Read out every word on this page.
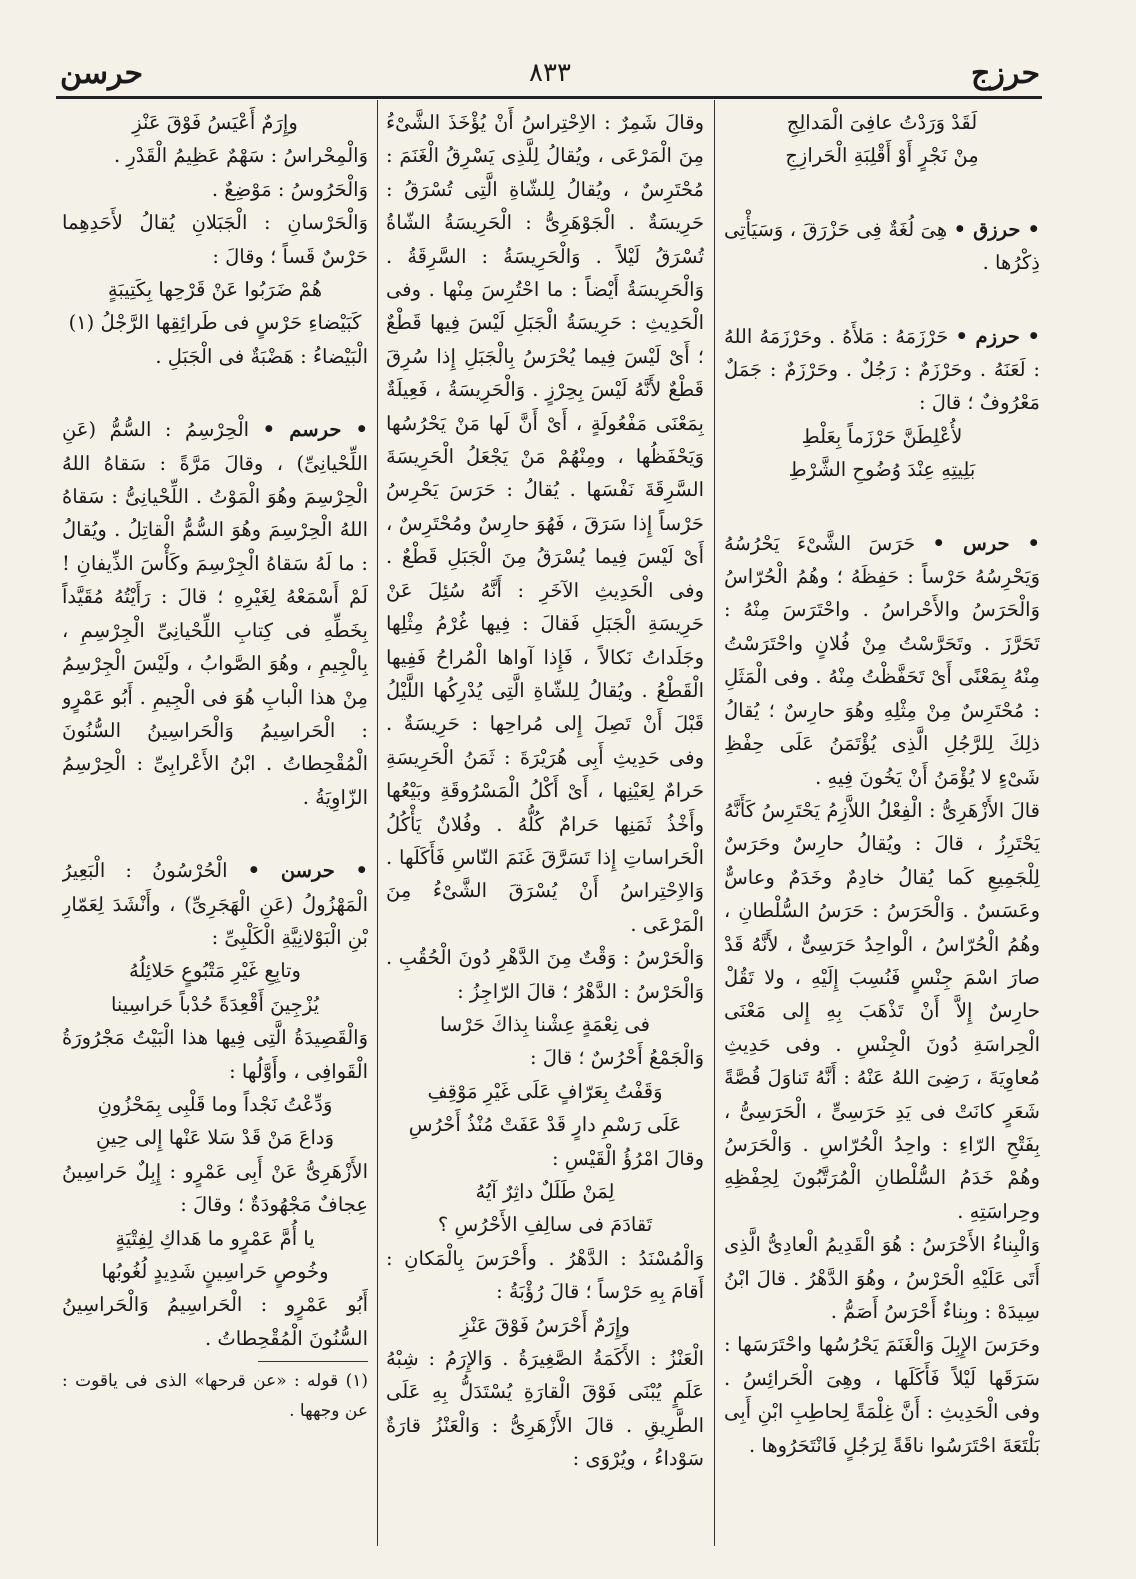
حرزج
٨٣٣
حرسن

لَقَدْ وَرَدْتُ عافِىَ الْمَدالِجِ

مِنْ نَجْرٍ أَوْ أَقْلِبَةِ الْحَرازِجِ

• حرزق • هِىَ لُغَةٌ فِى حَزْرَقَ ، وَسَيَأْتِى ذِكْرُها .

• حرزم • حَرْزَمَهُ : مَلأَهُ . وحَرْزَمَهُ اللهُ : لَعَنَهُ . وحَرْزَمٌ : رَجُلٌ . وحَرْزَمٌ : جَمَلٌ مَعْرُوفٌ ؛ قالَ :

لأُعْلِطَنَّ حَرْزَماً بِعَلْطِ

بَلِيتِهِ عِنْدَ وُضُوحِ الشَّرْطِ

• حرس • حَرَسَ الشَّىْءَ يَحْرُسُهُ وَيَحْرِسُهُ حَرْساً : حَفِظَهُ ؛ وهُمُ الْحُرّاسُ وَالْحَرَسُ والأَحْراسُ . واحْتَرَسَ مِنْهُ : تَحَرَّزَ . وتَحَرَّسْتُ مِنْ فُلانٍ واحْتَرَسْتُ مِنْهُ بِمَعْنًى أَىْ تَحَفَّظْتُ مِنْهُ . وفى الْمَثَلِ : مُحْتَرِسٌ مِنْ مِثْلِهِ وهُوَ حارِسٌ ؛ يُقالُ ذلِكَ لِلرَّجُلِ الَّذِى يُؤْتَمَنُ عَلَى حِفْظِ شَىْءٍ لا يُؤْمَنُ أَنْ يَخُونَ فِيهِ .

قالَ الأَزْهَرِىُّ : الْفِعْلُ اللاَّزِمُ يَحْتَرِسُ كَأَنَّهُ يَحْتَرِزُ ، قالَ : ويُقالُ حارِسٌ وحَرَسٌ لِلْجَمِيعِ كَما يُقالُ خادِمٌ وخَدَمٌ وعاسٌّ وعَسَسٌ . وَالْحَرَسُ : حَرَسُ السُّلْطانِ ، وهُمُ الْحُرّاسُ ، الْواحِدُ حَرَسِىٌّ ، لأَنَّهُ قَدْ صارَ اسْمَ جِنْسٍ فَنُسِبَ إِلَيْهِ ، ولا تَقُلْ حارِسٌ إِلاَّ أَنْ تَذْهَبَ بِهِ إِلى مَعْنَى الْحِراسَةِ دُونَ الْجِنْسِ . وفى حَدِيثِ مُعاوِيَةَ ، رَضِىَ اللهُ عَنْهُ : أَنَّهُ تَناوَلَ قُصَّةً شَعَرٍ كانَتْ فى يَدِ حَرَسِىٍّ ، الْحَرَسِىُّ ، بِفَتْحِ الرّاءِ : واحِدُ الْحُرّاسِ . وَالْحَرَسُ وهُمْ خَدَمُ السُّلْطانِ الْمُرَتَّبُونَ لِحِفْظِهِ وحِراسَتِهِ .

وَالْبِناءُ الأَحْرَسُ : هُوَ الْقَدِيمُ الْعادِىُّ الَّذِى أَتَى عَلَيْهِ الْحَرْسُ ، وهُوَ الدَّهْرُ . قالَ ابْنُ سِيدَهْ : وبِناءٌ أَحْرَسُ أَصَمُّ .

وحَرَسَ الإِبِلَ وَالْغَنَمَ يَحْرُسُها واحْتَرَسَها : سَرَقَها لَيْلاً فَأَكَلَها ، وهِىَ الْحَرائِسُ . وفى الْحَدِيثِ : أَنَّ غِلْمَةً لِحاطِبِ ابْنِ أَبِى بَلْتَعَةَ احْتَرَسُوا ناقَةً لِرَجُلٍ فَانْتَحَرُوها .

وقالَ شَمِرٌ : الاِحْتِراسُ أَنْ يُؤْخَذَ الشَّىْءُ مِنَ الْمَرْعَى ، ويُقالُ لِلَّذِى يَسْرِقُ الْغَنَمَ : مُحْتَرِسٌ ، ويُقالُ لِلشّاةِ الَّتِى تُسْرَقُ : حَرِيسَةٌ . الْجَوْهَرِىُّ : الْحَرِيسَةُ الشّاةُ تُسْرَقُ لَيْلاً . وَالْحَرِيسَةُ : السَّرِقَةُ . وَالْحَرِيسَةُ أَيْضاً : ما احْتُرِسَ مِنْها . وفى الْحَدِيثِ : حَرِيسَةُ الْجَبَلِ لَيْسَ فِيها قَطْعٌ ؛ أَىْ لَيْسَ فِيما يُحْرَسُ بِالْجَبَلِ إِذا سُرِقَ قَطْعٌ لأَنَّهُ لَيْسَ بِحِرْزٍ . وَالْحَرِيسَةُ ، فَعِيلَةٌ بِمَعْنَى مَفْعُولَةٍ ، أَىْ أَنَّ لَها مَنْ يَحْرُسُها وَيَحْفَظُها ، ومِنْهُمْ مَنْ يَجْعَلُ الْحَرِيسَةَ السَّرِقَةَ نَفْسَها . يُقالُ : حَرَسَ يَحْرِسُ حَرْساً إِذا سَرَقَ ، فَهُوَ حارِسٌ ومُحْتَرِسٌ ، أَىْ لَيْسَ فِيما يُسْرَقُ مِنَ الْجَبَلِ قَطْعٌ . وفى الْحَدِيثِ الآخَرِ : أَنَّهُ سُئِلَ عَنْ حَرِيسَةِ الْجَبَلِ فَقالَ : فِيها غُرْمُ مِثْلِها وجَلَداتُ نَكالاً ، فَإِذا آواها الْمُراحُ فَفِيها الْقَطْعُ . ويُقالُ لِلشّاةِ الَّتِى يُدْرِكُها اللَّيْلُ قَبْلَ أَنْ تَصِلَ إِلى مُراحِها : حَرِيسَةٌ . وفى حَدِيثِ أَبِى هُرَيْرَةَ : ثَمَنُ الْحَرِيسَةِ حَرامٌ لِعَيْنِها ، أَىْ أَكْلُ الْمَسْرُوقَةِ وبَيْعُها وأَخْذُ ثَمَنِها حَرامٌ كُلُّهُ . وفُلانٌ يَأْكُلُ الْحَراساتِ إِذا تَسَرَّقَ غَنَمَ النّاسِ فَأَكَلَها . وَالاِحْتِراسُ أَنْ يُسْرَقَ الشَّىْءُ مِنَ الْمَرْعَى .

وَالْحَرْسُ : وَقْتٌ مِنَ الدَّهْرِ دُونَ الْحُقُبِ . وَالْحَرْسُ : الدَّهْرُ ؛ قالَ الرّاجِزُ :

فى نِعْمَةٍ عِشْنا بِذاكَ حَرْسا

وَالْجَمْعُ أَحْرُسٌ ؛ قالَ :

وَقَفْتُ بِعَرّافٍ عَلَى غَيْرِ مَوْقِفِ

عَلَى رَسْمِ دارٍ قَدْ عَفَتْ مُنْذُ أَحْرُسِ

وقالَ امْرُؤُ الْقَيْسِ :

لِمَنْ طَلَلٌ داثِرٌ آيُهُ

تَقادَمَ فى سالِفِ الأَحْرُسِ ؟

وَالْمُسْنَدُ : الدَّهْرُ . وأَحْرَسَ بِالْمَكانِ : أَقامَ بِهِ حَرْساً ؛ قالَ رُؤْبَةُ :

وإِرَمٌ أَحْرَسُ فَوْقَ عَنْزِ

الْعَنْزُ : الأَكَمَةُ الصَّغِيرَةُ . وَالإِرَمُ : شِبْهُ عَلَمٍ يُبْنَى فَوْقَ الْقارَةِ يُسْتَدَلُّ بِهِ عَلَى الطَّرِيقِ . قالَ الأَزْهَرِىُّ : وَالْعَنْزُ قارَةٌ سَوْداءُ ، ويُرْوَى :

وإِرَمٌ أَعْيَسُ فَوْقَ عَنْزِ

وَالْمِحْراسُ : سَهْمٌ عَظِيمُ الْقَدْرِ .

وَالْحَرُوسُ : مَوْضِعٌ .

وَالْحَرْسانِ : الْجَبَلانِ يُقالُ لأَحَدِهِما حَرْسٌ قَساً ؛ وقالَ :

هُمْ ضَرَبُوا عَنْ قَرْحِها بِكَتِيبَةٍ

كَبَيْضاءِ حَرْسٍ فى طَرائِقِها الرَّجْلُ (١)

الْبَيْضاءُ : هَضْبَةٌ فى الْجَبَلِ .

• حرسم • الْحِرْسِمُ : السُّمُّ (عَنِ اللِّحْيانِىِّ) ، وقالَ مَرَّةً : سَقاهُ اللهُ الْحِرْسِمَ وهُوَ الْمَوْتُ . اللِّحْيانِىُّ : سَقاهُ اللهُ الْحِرْسِمَ وهُوَ السُّمُّ الْقاتِلُ . ويُقالُ : ما لَهُ سَقاهُ الْجِرْسِمَ وكَأْسَ الذِّيفانِ ! لَمْ أَسْمَعْهُ لِغَيْرِهِ ؛ قالَ : رَأَيْتُهُ مُقَيَّداً بِخَطِّهِ فى كِتابِ اللِّحْيانِىِّ الْجِرْسِمِ ، بِالْجِيمِ ، وهُوَ الصَّوابُ ، ولَيْسَ الْجِرْسِمُ مِنْ هذا الْبابِ هُوَ فى الْجِيمِ . أَبُو عَمْرٍو : الْحَراسِيمُ وَالْحَراسِينُ السُّنُونَ الْمُقْحِطاتُ . ابْنُ الأَعْرابِىِّ : الْحِرْسِمُ الزّاوِيَةُ .

• حرسن • الْحُرْسُونُ : الْبَعِيرُ الْمَهْزُولُ (عَنِ الْهَجَرِىِّ) ، وأَنْشَدَ لِعَمّارِ بْنِ الْبَوْلانِيَّةِ الْكَلْبِىِّ :

وتابِعِ غَيْرِ مَتْبُوعٍ حَلائِلُهُ

يُزْجِينَ أَقْعِدَةً حُدْباً حَراسِينا

وَالْقَصِيدَةُ الَّتِى فِيها هذا الْبَيْتُ مَجْرُورَةُ الْقَوافِى ، وأَوَّلُها :

وَدِّعْتُ نَجْداً وما قَلْبِى بِمَحْزُونِ

وَداعَ مَنْ قَدْ سَلا عَنْها إِلى حِينِ

الأَزْهَرِىُّ عَنْ أَبِى عَمْرٍو : إِبِلٌ حَراسِينُ عِجافٌ مَجْهُودَةٌ ؛ وقالَ :

يا أُمَّ عَمْرٍو ما هَداكِ لِفِتْيَةٍ

وخُوصٍ حَراسِينٍ شَدِيدٍ لُغُوبُها

أَبُو عَمْرٍو : الْحَراسِيمُ وَالْحَراسِينُ السُّنُونَ الْمُقْحِطاتُ .

(١) قوله : «عن قرحها» الذى فى ياقوت : عن وجهها .
